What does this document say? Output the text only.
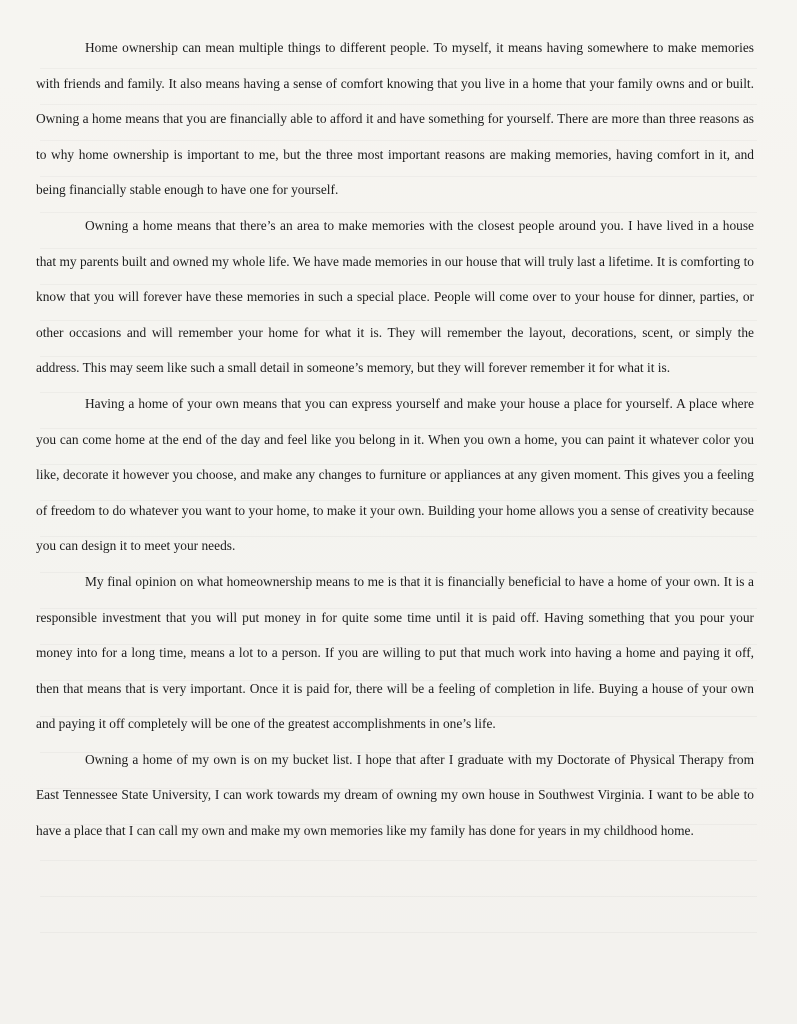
Home ownership can mean multiple things to different people. To myself, it means having somewhere to make memories with friends and family. It also means having a sense of comfort knowing that you live in a home that your family owns and or built. Owning a home means that you are financially able to afford it and have something for yourself. There are more than three reasons as to why home ownership is important to me, but the three most important reasons are making memories, having comfort in it, and being financially stable enough to have one for yourself.

Owning a home means that there’s an area to make memories with the closest people around you. I have lived in a house that my parents built and owned my whole life. We have made memories in our house that will truly last a lifetime. It is comforting to know that you will forever have these memories in such a special place. People will come over to your house for dinner, parties, or other occasions and will remember your home for what it is. They will remember the layout, decorations, scent, or simply the address. This may seem like such a small detail in someone’s memory, but they will forever remember it for what it is.

Having a home of your own means that you can express yourself and make your house a place for yourself. A place where you can come home at the end of the day and feel like you belong in it. When you own a home, you can paint it whatever color you like, decorate it however you choose, and make any changes to furniture or appliances at any given moment. This gives you a feeling of freedom to do whatever you want to your home, to make it your own. Building your home allows you a sense of creativity because you can design it to meet your needs.

My final opinion on what homeownership means to me is that it is financially beneficial to have a home of your own. It is a responsible investment that you will put money in for quite some time until it is paid off. Having something that you pour your money into for a long time, means a lot to a person. If you are willing to put that much work into having a home and paying it off, then that means that is very important. Once it is paid for, there will be a feeling of completion in life. Buying a house of your own and paying it off completely will be one of the greatest accomplishments in one’s life.

Owning a home of my own is on my bucket list. I hope that after I graduate with my Doctorate of Physical Therapy from East Tennessee State University, I can work towards my dream of owning my own house in Southwest Virginia. I want to be able to have a place that I can call my own and make my own memories like my family has done for years in my childhood home.
